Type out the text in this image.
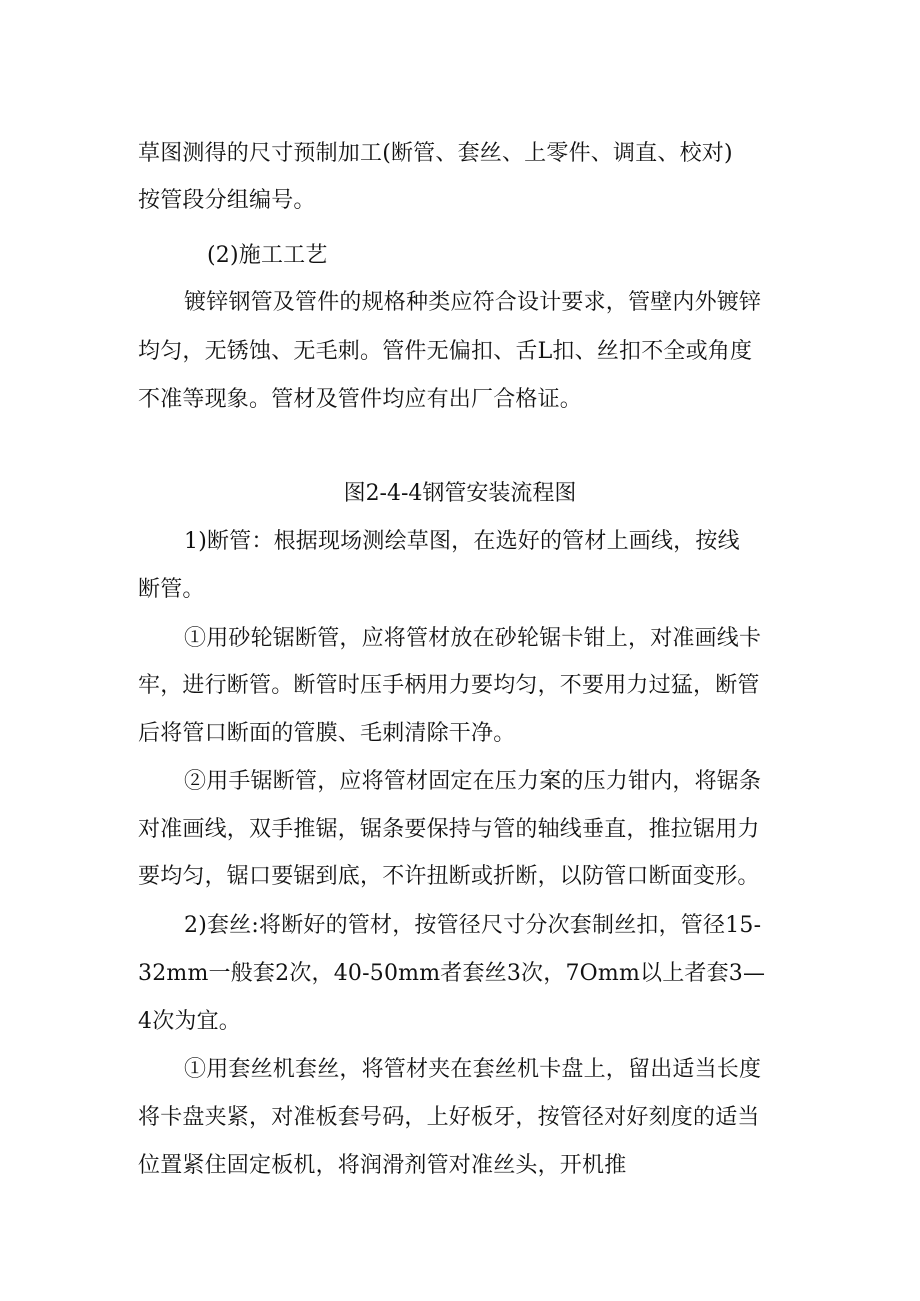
草图测得的尺寸预制加工(断管、套丝、上零件、调直、校对)
按管段分组编号。
(2)施工工艺
镀锌钢管及管件的规格种类应符合设计要求，管壁内外镀锌
均匀，无锈蚀、无毛刺。管件无偏扣、舌L扣、丝扣不全或角度
不准等现象。管材及管件均应有出厂合格证。
图2-4-4钢管安装流程图
1)断管：根据现场测绘草图，在选好的管材上画线，按线
断管。
①用砂轮锯断管，应将管材放在砂轮锯卡钳上，对准画线卡
牢，进行断管。断管时压手柄用力要均匀，不要用力过猛，断管
后将管口断面的管膜、毛刺清除干净。
②用手锯断管，应将管材固定在压力案的压力钳内，将锯条
对准画线，双手推锯，锯条要保持与管的轴线垂直，推拉锯用力
要均匀，锯口要锯到底，不许扭断或折断，以防管口断面变形。
2)套丝:将断好的管材，按管径尺寸分次套制丝扣，管径15-
32mm一般套2次，40-50mm者套丝3次，7Omm以上者套3—
4次为宜。
①用套丝机套丝，将管材夹在套丝机卡盘上，留出适当长度
将卡盘夹紧，对准板套号码，上好板牙，按管径对好刻度的适当
位置紧住固定板机，将润滑剂管对准丝头，开机推
